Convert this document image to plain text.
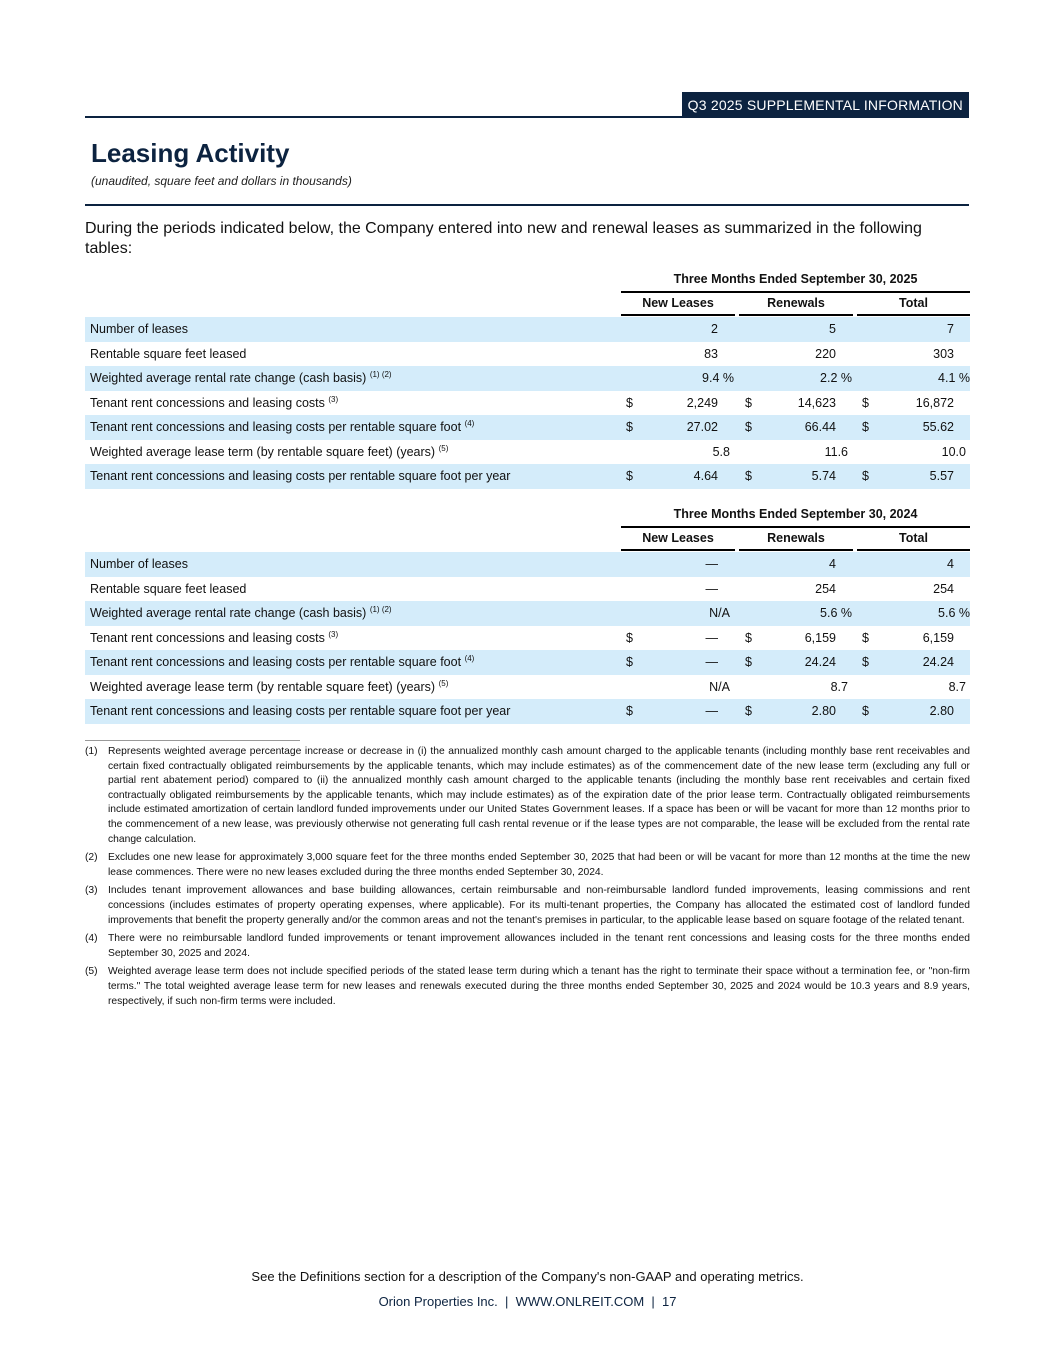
Q3 2025 SUPPLEMENTAL INFORMATION
Leasing Activity
(unaudited, square feet and dollars in thousands)
During the periods indicated below, the Company entered into new and renewal leases as summarized in the following tables:
Three Months Ended September 30, 2025
New Leases	Renewals	Total
Number of leases	2	5	7
Rentable square feet leased	83	220	303
Weighted average rental rate change (cash basis) $^{(1) (2)}$	9.4 %	2.2 %	4.1 %
Tenant rent concessions and leasing costs $^{(3)}$	$	2,249 $	14,623 $	16,872
Tenant rent concessions and leasing costs per rentable square foot $^{(4)}$	$	27.02 $	66.44 $	55.62
Weighted average lease term (by rentable square feet) (years) $^{(5)}$	5.8	11.6	10.0
Tenant rent concessions and leasing costs per rentable square foot per year	$	4.64 $	5.74 $	5.57
Three Months Ended September 30, 2024
New Leases	Renewals	Total
Number of leases	—	4	4
Rentable square feet leased	—	254	254
Weighted average rental rate change (cash basis) $^{(1) (2)}$	N/A	5.6 %	5.6 %
Tenant rent concessions and leasing costs $^{(3)}$	$	— $	6,159 $	6,159
Tenant rent concessions and leasing costs per rentable square foot $^{(4)}$	$	— $	24.24 $	24.24
Weighted average lease term (by rentable square feet) (years) $^{(5)}$	N/A	8.7	8.7
Tenant rent concessions and leasing costs per rentable square foot per year	$	— $	2.80 $	2.80
(1) Represents weighted average percentage increase or decrease in (i) the annualized monthly cash amount charged to the applicable tenants (including monthly base rent receivables and certain fixed contractually obligated reimbursements by the applicable tenants, which may include estimates) as of the commencement date of the new lease term (excluding any full or partial rent abatement period) compared to (ii) the annualized monthly cash amount charged to the applicable tenants (including the monthly base rent receivables and certain fixed contractually obligated reimbursements by the applicable tenants, which may include estimates) as of the expiration date of the prior lease term. Contractually obligated reimbursements include estimated amortization of certain landlord funded improvements under our United States Government leases. If a space has been or will be vacant for more than 12 months prior to the commencement of a new lease, was previously otherwise not generating full cash rental revenue or if the lease types are not comparable, the lease will be excluded from the rental rate change calculation.
(2) Excludes one new lease for approximately 3,000 square feet for the three months ended September 30, 2025 that had been or will be vacant for more than 12 months at the time the new lease commences. There were no new leases excluded during the three months ended September 30, 2024.
(3) Includes tenant improvement allowances and base building allowances, certain reimbursable and non-reimbursable landlord funded improvements, leasing commissions and rent concessions (includes estimates of property operating expenses, where applicable). For its multi-tenant properties, the Company has allocated the estimated cost of landlord funded improvements that benefit the property generally and/or the common areas and not the tenant's premises in particular, to the applicable lease based on square footage of the related tenant.
(4) There were no reimbursable landlord funded improvements or tenant improvement allowances included in the tenant rent concessions and leasing costs for the three months ended September 30, 2025 and 2024.
(5) Weighted average lease term does not include specified periods of the stated lease term during which a tenant has the right to terminate their space without a termination fee, or "non-firm terms." The total weighted average lease term for new leases and renewals executed during the three months ended September 30, 2025 and 2024 would be 10.3 years and 8.9 years, respectively, if such non-firm terms were included.
See the Definitions section for a description of the Company's non-GAAP and operating metrics.
Orion Properties Inc.  |  WWW.ONLREIT.COM  |  17
